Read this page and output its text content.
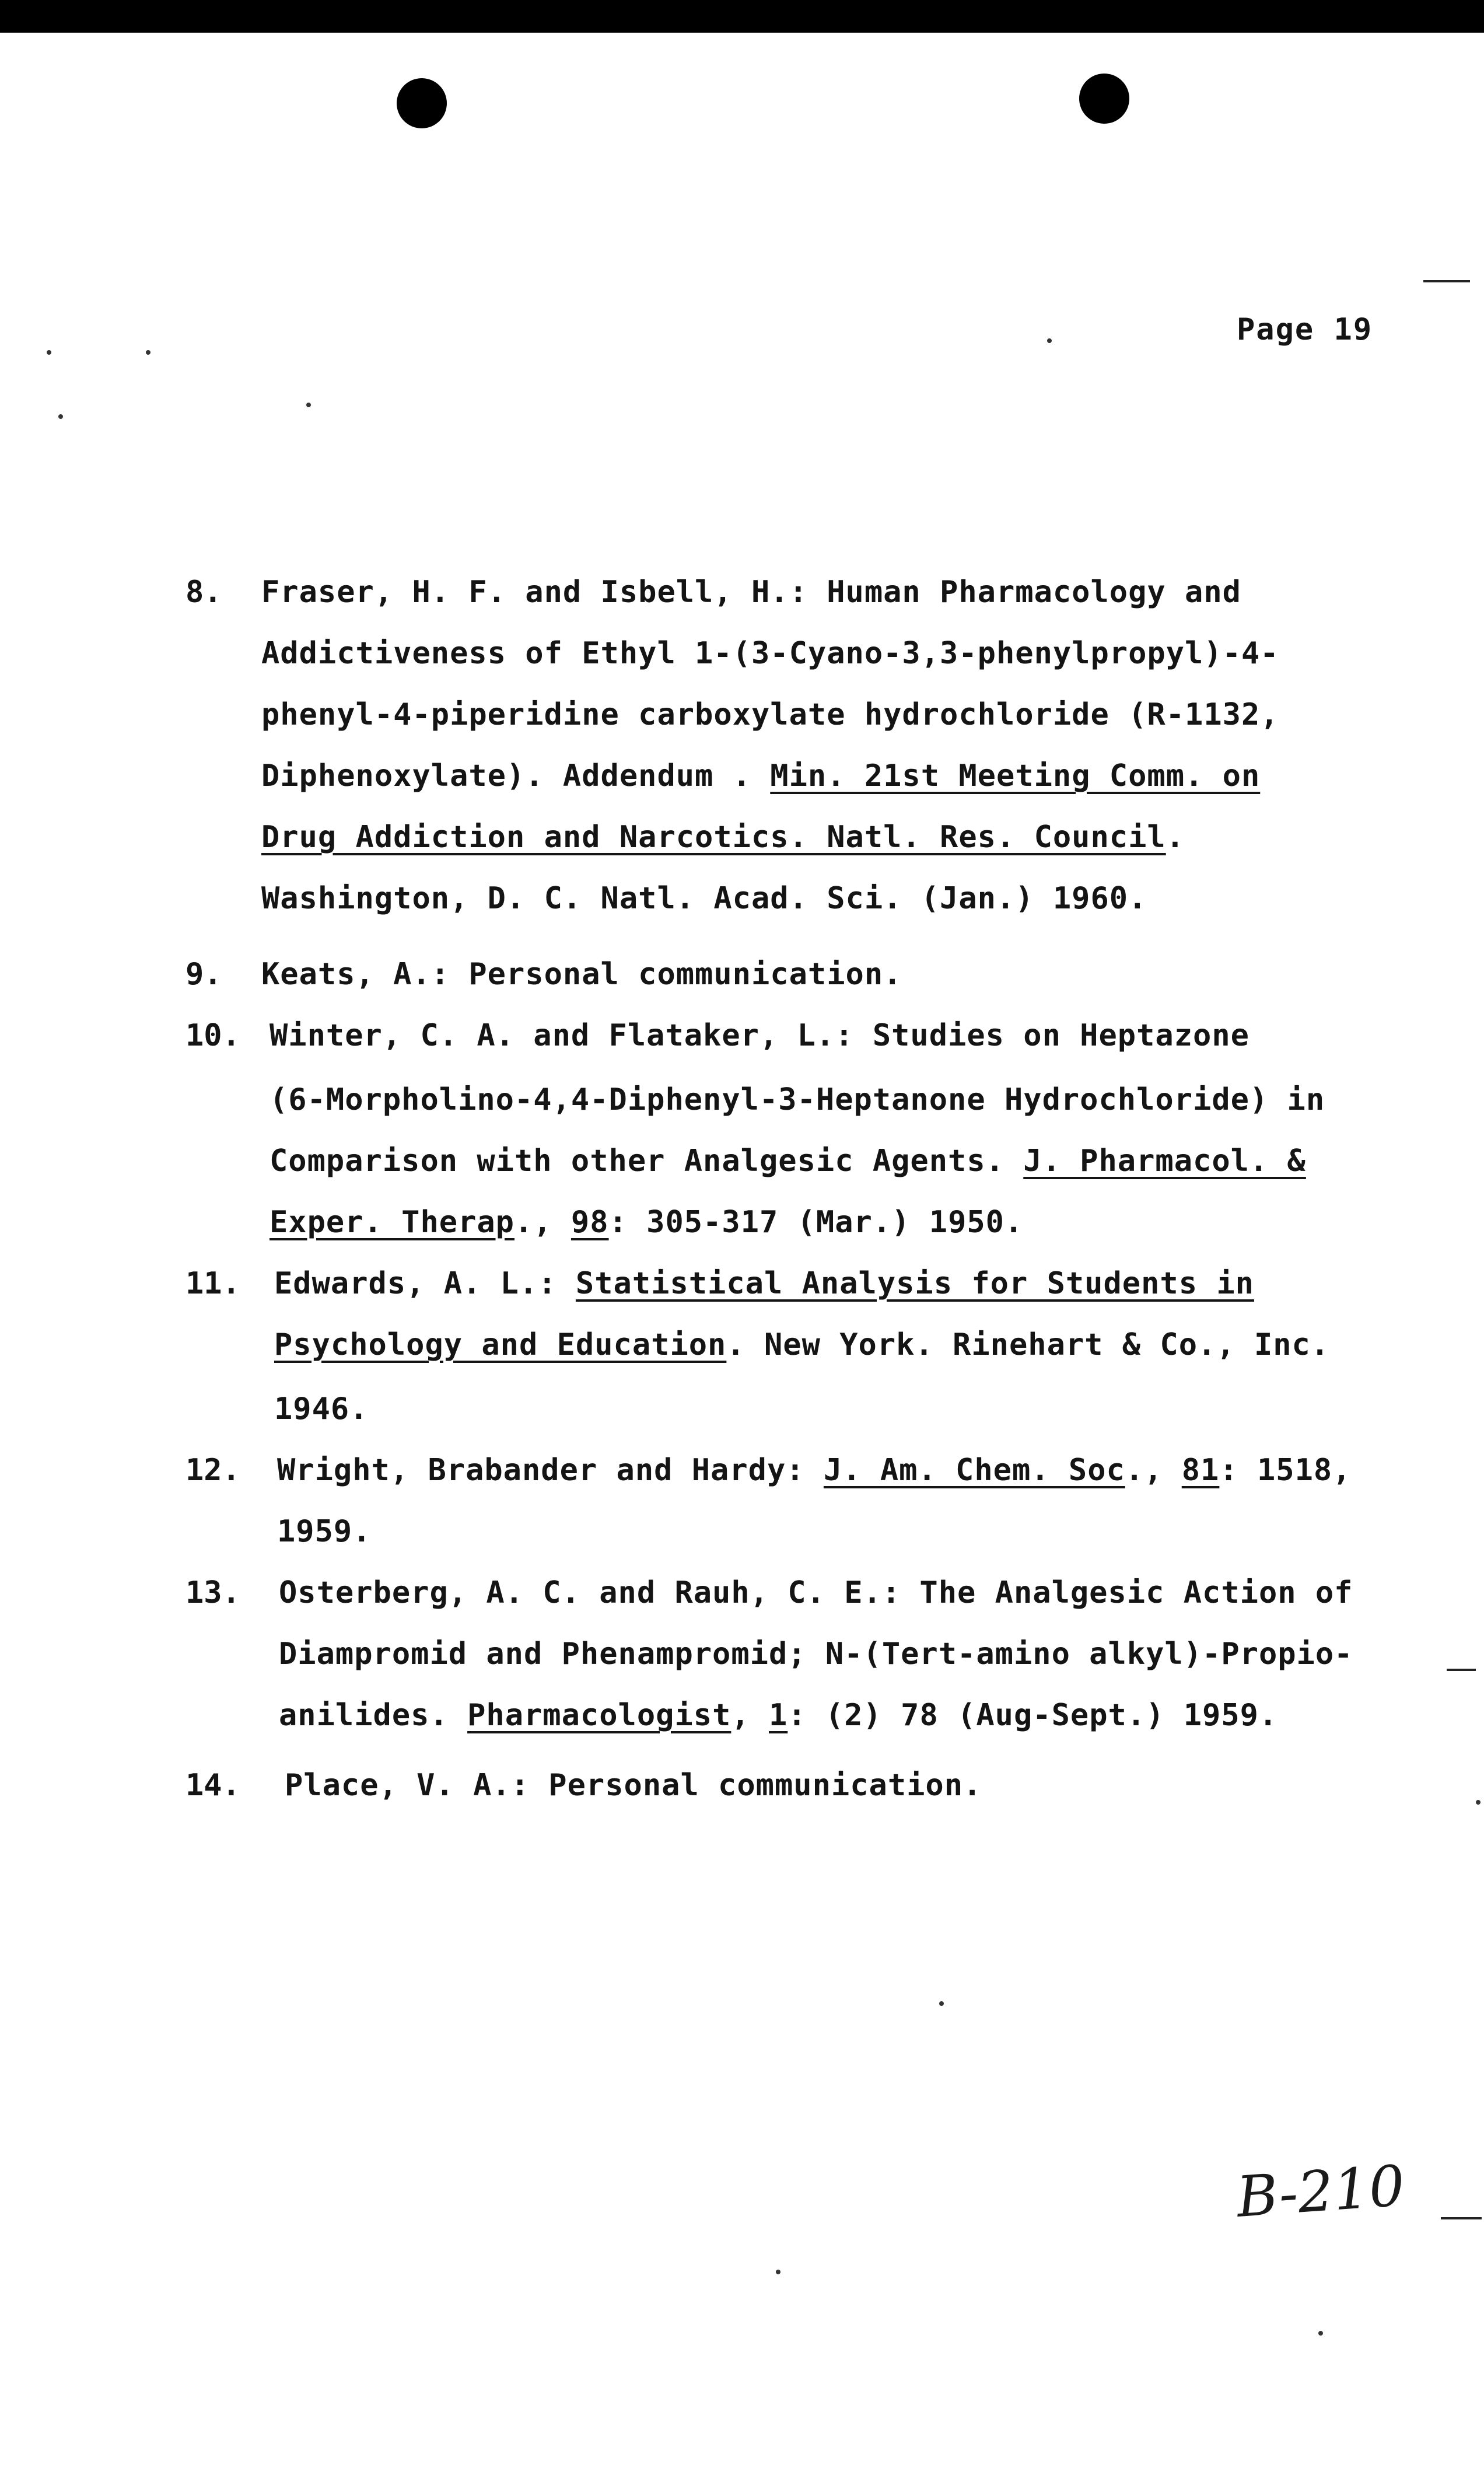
Page 19
8. Fraser, H. F. and Isbell, H.: Human Pharmacology and
Addictiveness of Ethyl 1-(3-Cyano-3,3-phenylpropyl)-4-
phenyl-4-piperidine carboxylate hydrochloride (R-1132,
Diphenoxylate). Addendum . Min. 21st Meeting Comm. on
Drug Addiction and Narcotics. Natl. Res. Council.
Washington, D. C. Natl. Acad. Sci. (Jan.) 1960.
9. Keats, A.: Personal communication.
10. Winter, C. A. and Flataker, L.: Studies on Heptazone
(6-Morpholino-4,4-Diphenyl-3-Heptanone Hydrochloride) in
Comparison with other Analgesic Agents. J. Pharmacol. &
Exper. Therap., 98: 305-317 (Mar.) 1950.
11. Edwards, A. L.: Statistical Analysis for Students in
Psychology and Education. New York. Rinehart & Co., Inc.
1946.
12. Wright, Brabander and Hardy: J. Am. Chem. Soc., 81: 1518,
1959.
13. Osterberg, A. C. and Rauh, C. E.: The Analgesic Action of
Diampromid and Phenampromid; N-(Tert-amino alkyl)-Propio-
anilides. Pharmacologist, 1: (2) 78 (Aug-Sept.) 1959.
14. Place, V. A.: Personal communication.
B-210
